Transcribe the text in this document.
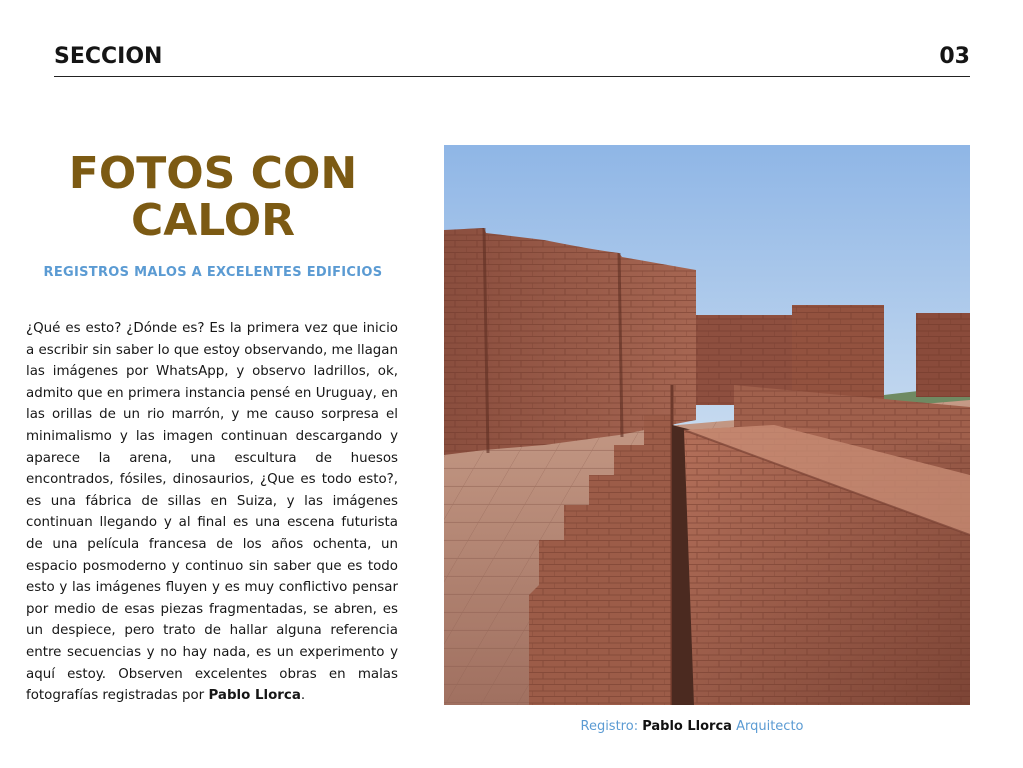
SECCION	03
FOTOS CON
CALOR
REGISTROS MALOS A EXCELENTES EDIFICIOS

¿Qué es esto? ¿Dónde es? Es la primera vez que inicio a escribir sin saber lo que estoy observando, me llagan las imágenes por WhatsApp, y observo ladrillos, ok, admito que en primera instancia pensé en Uruguay, en las orillas de un rio marrón, y me causo sorpresa el minimalismo y las imagen continuan descargando y aparece la arena, una escultura de huesos encontrados, fósiles, dinosaurios, ¿Que es todo esto?, es una fábrica de sillas en Suiza, y las imágenes continuan llegando y al final es una escena futurista de una película francesa de los años ochenta, un espacio posmoderno y continuo sin saber que es todo esto y las imágenes fluyen y es muy conflictivo pensar por medio de esas piezas fragmentadas, se abren, es un despiece, pero trato de hallar alguna referencia entre secuencias y no hay nada, es un experimento y aquí estoy. Observen excelentes obras en malas fotografías registradas por Pablo Llorca.

Registro: Pablo Llorca Arquitecto
